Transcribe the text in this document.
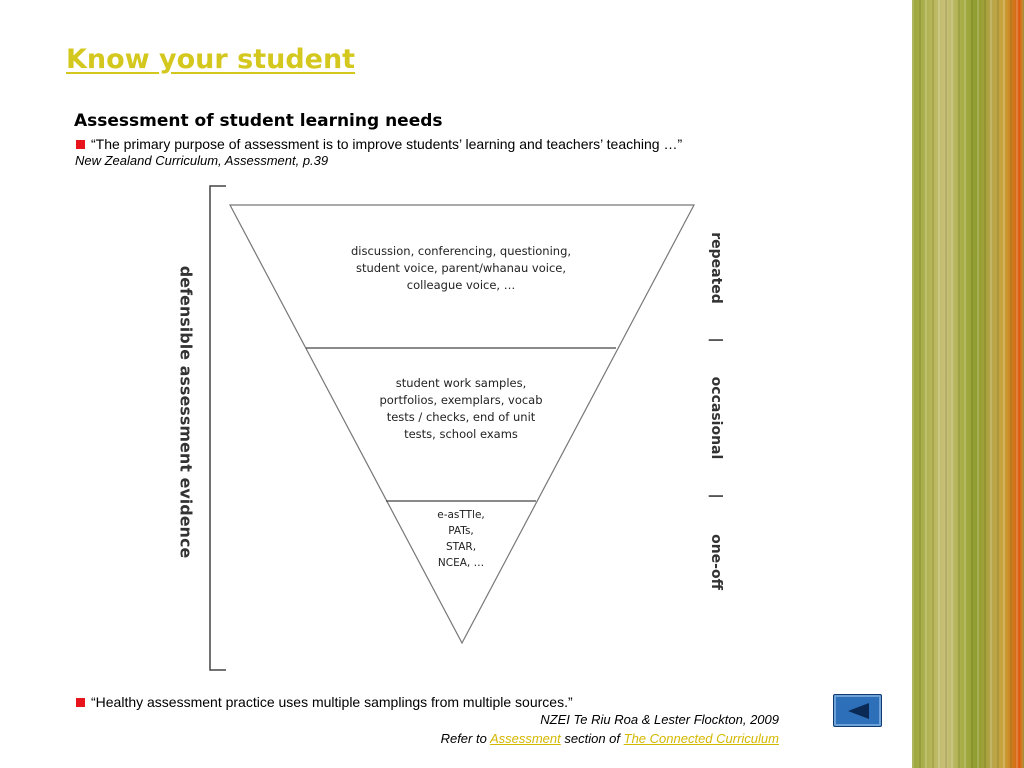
Know your student
Assessment of student learning needs
“The primary purpose of assessment is to improve students’ learning and teachers’ teaching …”
New Zealand Curriculum, Assessment, p.39
discussion, conferencing, questioning,
student voice, parent/whanau voice,
colleague voice, …
student work samples,
portfolios, exemplars, vocab
tests / checks, end of unit
tests, school exams
e-asTTle,
PATs,
STAR,
NCEA, …
defensible assessment evidence	repeated
|
occasional
|
one-off
“Healthy assessment practice uses multiple samplings from multiple sources.”
NZEI Te Riu Roa & Lester Flockton, 2009
Refer to Assessment section of The Connected Curriculum
